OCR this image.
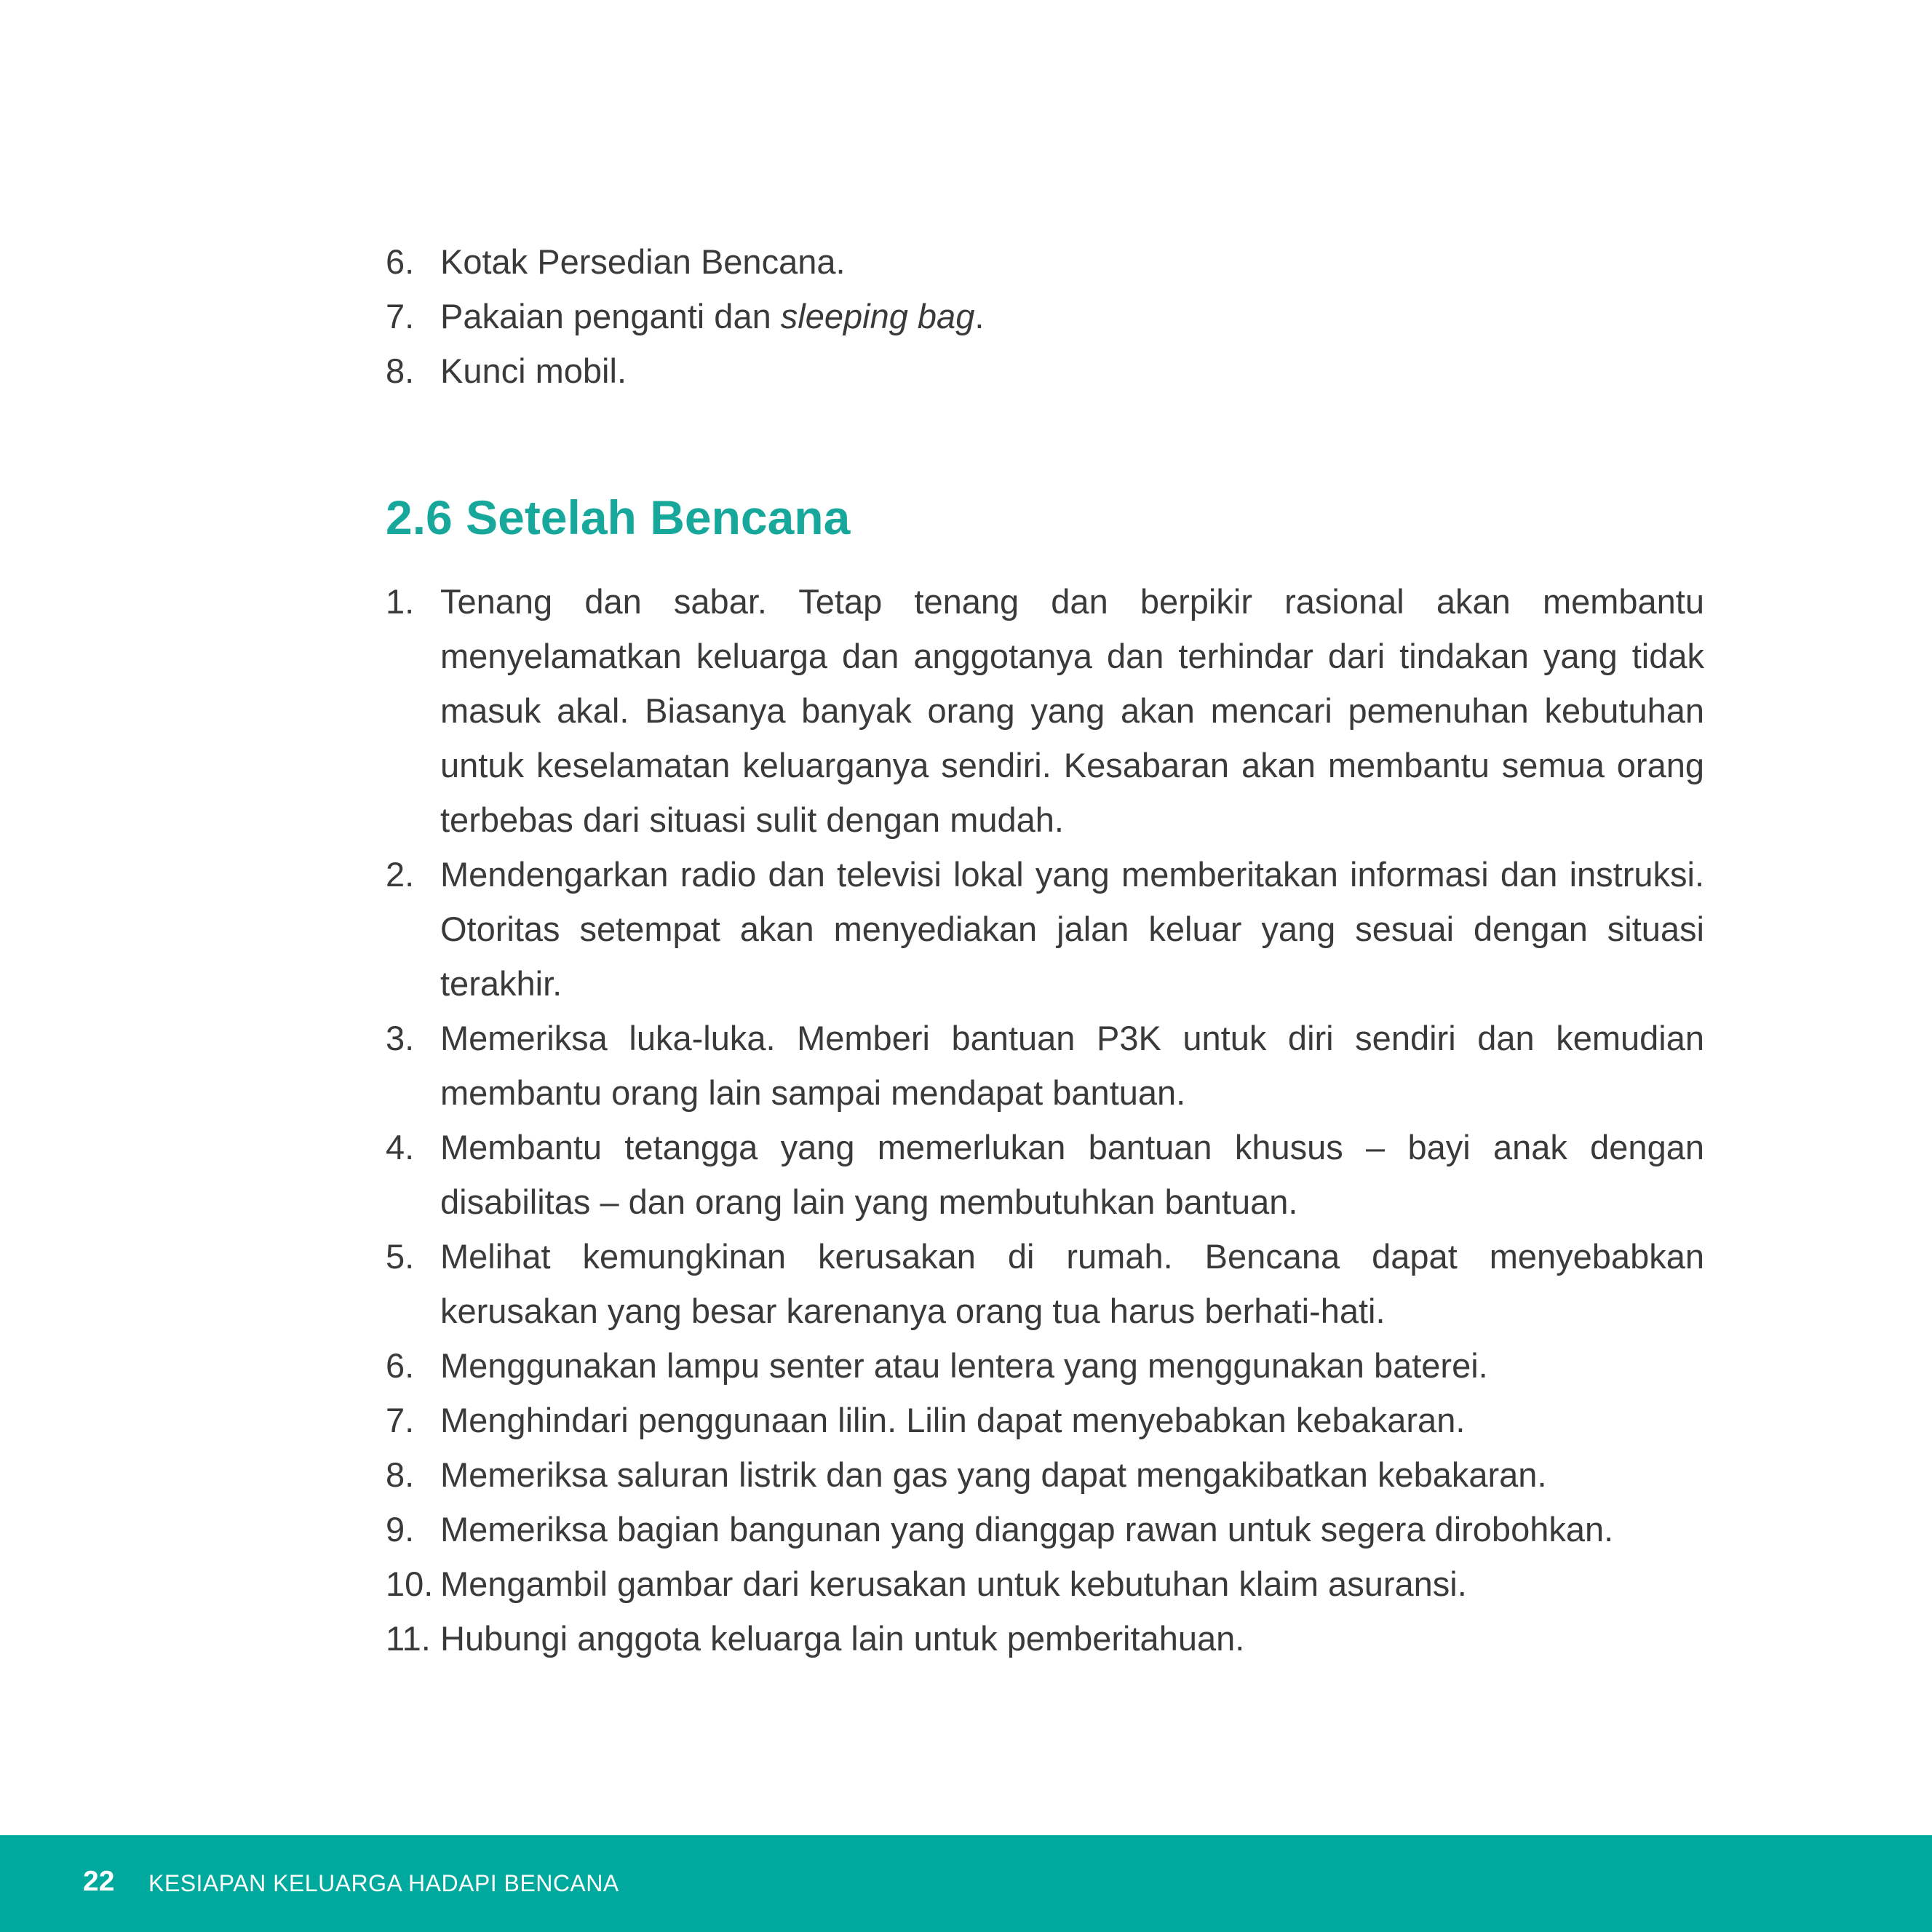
6. Kotak Persedian Bencana.
7. Pakaian penganti dan sleeping bag.
8. Kunci mobil.
2.6 Setelah Bencana
1. Tenang dan sabar. Tetap tenang dan berpikir rasional akan membantu menyelamatkan keluarga dan anggotanya dan terhindar dari tindakan yang tidak masuk akal. Biasanya banyak orang yang akan mencari pemenuhan kebutuhan untuk keselamatan keluarganya sendiri. Kesabaran akan membantu semua orang terbebas dari situasi sulit dengan mudah.
2. Mendengarkan radio dan televisi lokal yang memberitakan informasi dan instruksi. Otoritas setempat akan menyediakan jalan keluar yang sesuai dengan situasi terakhir.
3. Memeriksa luka-luka. Memberi bantuan P3K untuk diri sendiri dan kemudian membantu orang lain sampai mendapat bantuan.
4. Membantu tetangga yang memerlukan bantuan khusus – bayi anak dengan disabilitas – dan orang lain yang membutuhkan bantuan.
5. Melihat kemungkinan kerusakan di rumah. Bencana dapat menyebabkan kerusakan yang besar karenanya orang tua harus berhati-hati.
6. Menggunakan lampu senter atau lentera yang menggunakan baterei.
7. Menghindari penggunaan lilin. Lilin dapat menyebabkan kebakaran.
8. Memeriksa saluran listrik dan gas yang dapat mengakibatkan kebakaran.
9. Memeriksa bagian bangunan yang dianggap rawan untuk segera dirobohkan.
10. Mengambil gambar dari kerusakan untuk kebutuhan klaim asuransi.
11. Hubungi anggota keluarga lain untuk pemberitahuan.
22 KESIAPAN KELUARGA HADAPI BENCANA
